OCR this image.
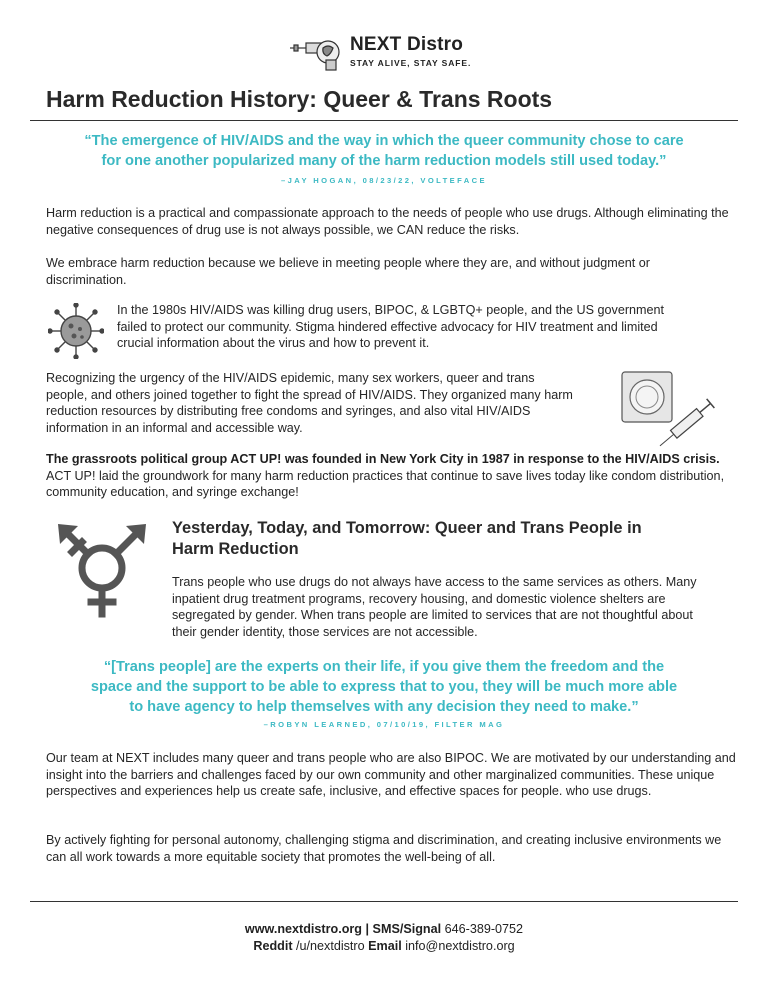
NEXT Distro
STAY ALIVE, STAY SAFE.
Harm Reduction History: Queer & Trans Roots
“The emergence of HIV/AIDS and the way in which the queer community chose to care
for one another popularized many of the harm reduction models still used today.”
–JAY HOGAN, 08/23/22, VOLTEFACE
Harm reduction is a practical and compassionate approach to the needs of people who use drugs. Although eliminating the negative consequences of drug use is not always possible, we CAN reduce the risks.
We embrace harm reduction because we believe in meeting people where they are, and without judgment or discrimination.
In the 1980s HIV/AIDS was killing drug users, BIPOC, & LGBTQ+ people, and the US government failed to protect our community. Stigma hindered effective advocacy for HIV treatment and limited crucial information about the virus and how to prevent it.
Recognizing the urgency of the HIV/AIDS epidemic, many sex workers, queer and trans people, and others joined together to fight the spread of HIV/AIDS. They organized many harm reduction resources by distributing free condoms and syringes, and also vital HIV/AIDS information in an informal and accessible way.
The grassroots political group ACT UP! was founded in New York City in 1987 in response to the HIV/AIDS crisis. ACT UP! laid the groundwork for many harm reduction practices that continue to save lives today like condom distribution, community education, and syringe exchange!
Yesterday, Today, and Tomorrow: Queer and Trans People in
Harm Reduction
Trans people who use drugs do not always have access to the same services as others. Many inpatient drug treatment programs, recovery housing, and domestic violence shelters are segregated by gender. When trans people are limited to services that are not thoughtful about their gender identity, those services are not accessible.
“[Trans people] are the experts on their life, if you give them the freedom and the
space and the support to be able to express that to you, they will be much more able
to have agency to help themselves with any decision they need to make.”
–ROBYN LEARNED, 07/10/19, FILTER MAG
Our team at NEXT includes many queer and trans people who are also BIPOC. We are motivated by our understanding and insight into the barriers and challenges faced by our own community and other marginalized communities. These unique perspectives and experiences help us create safe, inclusive, and effective spaces for people. who use drugs.
By actively fighting for personal autonomy, challenging stigma and discrimination, and creating inclusive environments we can all work towards a more equitable society that promotes the well-being of all.
www.nextdistro.org | SMS/Signal 646-389-0752
Reddit /u/nextdistro Email info@nextdistro.org
